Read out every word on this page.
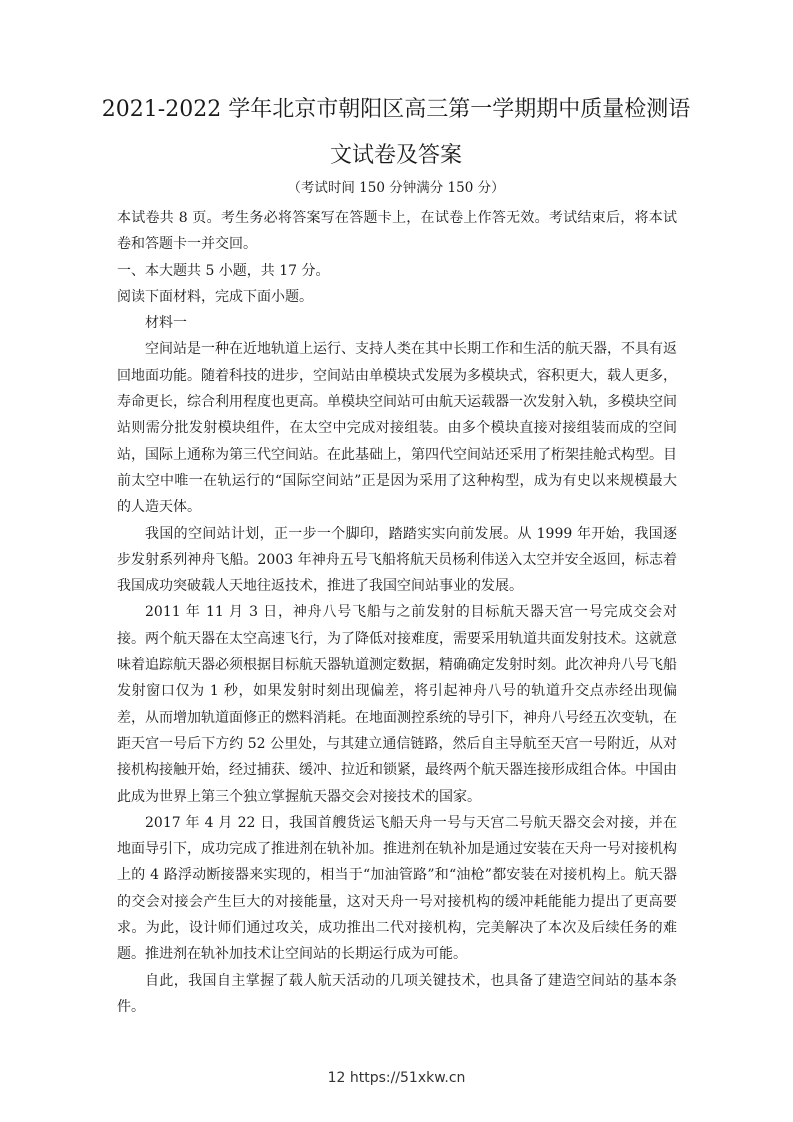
2021-2022 学年北京市朝阳区高三第一学期期中质量检测语
文试卷及答案
（考试时间 150 分钟满分 150 分）

本试卷共 8 页。考生务必将答案写在答题卡上，在试卷上作答无效。考试结束后，将本试卷和答题卡一并交回。

一、本大题共 5 小题，共 17 分。

阅读下面材料，完成下面小题。

材料一

空间站是一种在近地轨道上运行、支持人类在其中长期工作和生活的航天器，不具有返回地面功能。随着科技的进步，空间站由单模块式发展为多模块式，容积更大，载人更多，寿命更长，综合利用程度也更高。单模块空间站可由航天运载器一次发射入轨，多模块空间站则需分批发射模块组件，在太空中完成对接组装。由多个模块直接对接组装而成的空间站，国际上通称为第三代空间站。在此基础上，第四代空间站还采用了桁架挂舱式构型。目前太空中唯一在轨运行的“国际空间站”正是因为采用了这种构型，成为有史以来规模最大的人造天体。

我国的空间站计划，正一步一个脚印，踏踏实实向前发展。从 1999 年开始，我国逐步发射系列神舟飞船。2003 年神舟五号飞船将航天员杨利伟送入太空并安全返回，标志着我国成功突破载人天地往返技术，推进了我国空间站事业的发展。

2011 年 11 月 3 日，神舟八号飞船与之前发射的目标航天器天宫一号完成交会对接。两个航天器在太空高速飞行，为了降低对接难度，需要采用轨道共面发射技术。这就意味着追踪航天器必须根据目标航天器轨道测定数据，精确确定发射时刻。此次神舟八号飞船发射窗口仅为 1 秒，如果发射时刻出现偏差，将引起神舟八号的轨道升交点赤经出现偏差，从而增加轨道面修正的燃料消耗。在地面测控系统的导引下，神舟八号经五次变轨，在距天宫一号后下方约 52 公里处，与其建立通信链路，然后自主导航至天宫一号附近，从对接机构接触开始，经过捕获、缓冲、拉近和锁紧，最终两个航天器连接形成组合体。中国由此成为世界上第三个独立掌握航天器交会对接技术的国家。

2017 年 4 月 22 日，我国首艘货运飞船天舟一号与天宫二号航天器交会对接，并在地面导引下，成功完成了推进剂在轨补加。推进剂在轨补加是通过安装在天舟一号对接机构上的 4 路浮动断接器来实现的，相当于“加油管路”和“油枪”都安装在对接机构上。航天器的交会对接会产生巨大的对接能量，这对天舟一号对接机构的缓冲耗能能力提出了更高要求。为此，设计师们通过攻关，成功推出二代对接机构，完美解决了本次及后续任务的难题。推进剂在轨补加技术让空间站的长期运行成为可能。

自此，我国自主掌握了载人航天活动的几项关键技术，也具备了建造空间站的基本条件。

12 https://51xkw.cn
